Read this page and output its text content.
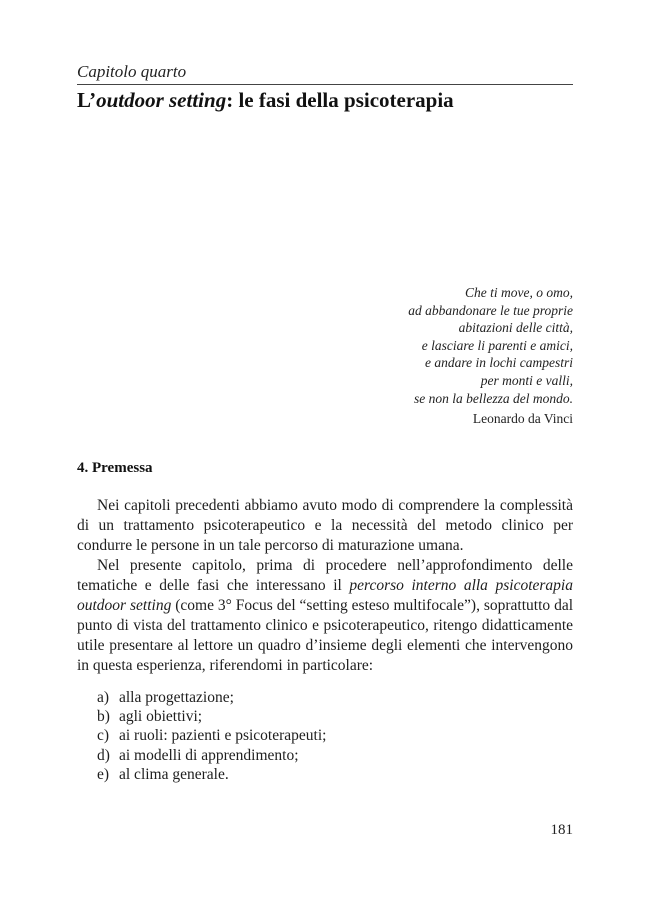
Capitolo quarto
L’outdoor setting: le fasi della psicoterapia
Che ti move, o omo,
ad abbandonare le tue proprie
abitazioni delle città,
e lasciare li parenti e amici,
e andare in lochi campestri
per monti e valli,
se non la bellezza del mondo.
Leonardo da Vinci
4. Premessa

Nei capitoli precedenti abbiamo avuto modo di comprendere la complessità di un trattamento psicoterapeutico e la necessità del metodo clinico per condurre le persone in un tale percorso di maturazione umana.

Nel presente capitolo, prima di procedere nell’approfondimento delle tematiche e delle fasi che interessano il percorso interno alla psicoterapia outdoor setting (come 3° Focus del “setting esteso multifocale”), soprattutto dal punto di vista del trattamento clinico e psicoterapeutico, ritengo didatticamente utile presentare al lettore un quadro d’insieme degli elementi che intervengono in questa esperienza, riferendomi in particolare:

a) alla progettazione;
b) agli obiettivi;
c) ai ruoli: pazienti e psicoterapeuti;
d) ai modelli di apprendimento;
e) al clima generale.
181
